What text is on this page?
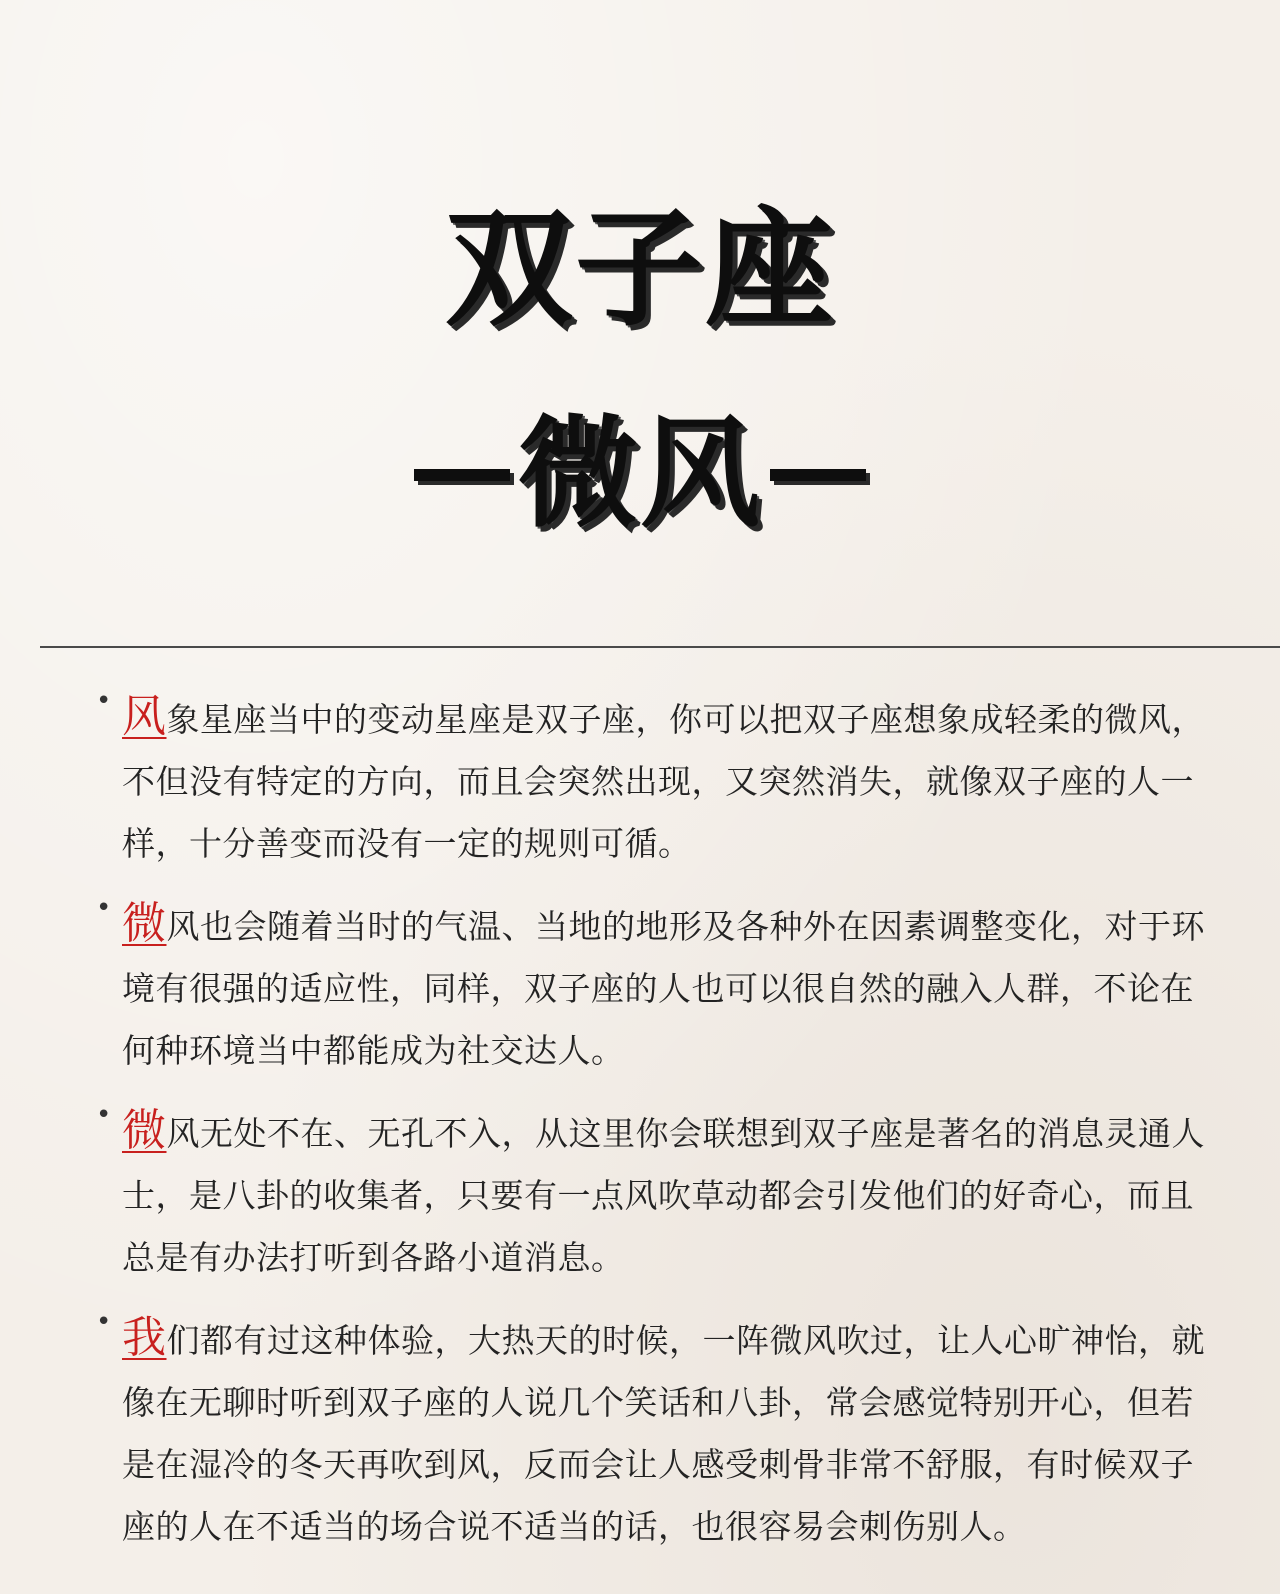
双子座
微风
• 风象星座当中的变动星座是双子座，你可以把双子座想象成轻柔的微风，不但没有特定的方向，而且会突然出现，又突然消失，就像双子座的人一样，十分善变而没有一定的规则可循。
• 微风也会随着当时的气温、当地的地形及各种外在因素调整变化，对于环境有很强的适应性，同样，双子座的人也可以很自然的融入人群，不论在何种环境当中都能成为社交达人。
• 微风无处不在、无孔不入，从这里你会联想到双子座是著名的消息灵通人士，是八卦的收集者，只要有一点风吹草动都会引发他们的好奇心，而且总是有办法打听到各路小道消息。
• 我们都有过这种体验，大热天的时候，一阵微风吹过，让人心旷神怡，就像在无聊时听到双子座的人说几个笑话和八卦，常会感觉特别开心，但若是在湿冷的冬天再吹到风，反而会让人感受刺骨非常不舒服，有时候双子座的人在不适当的场合说不适当的话，也很容易会刺伤别人。
